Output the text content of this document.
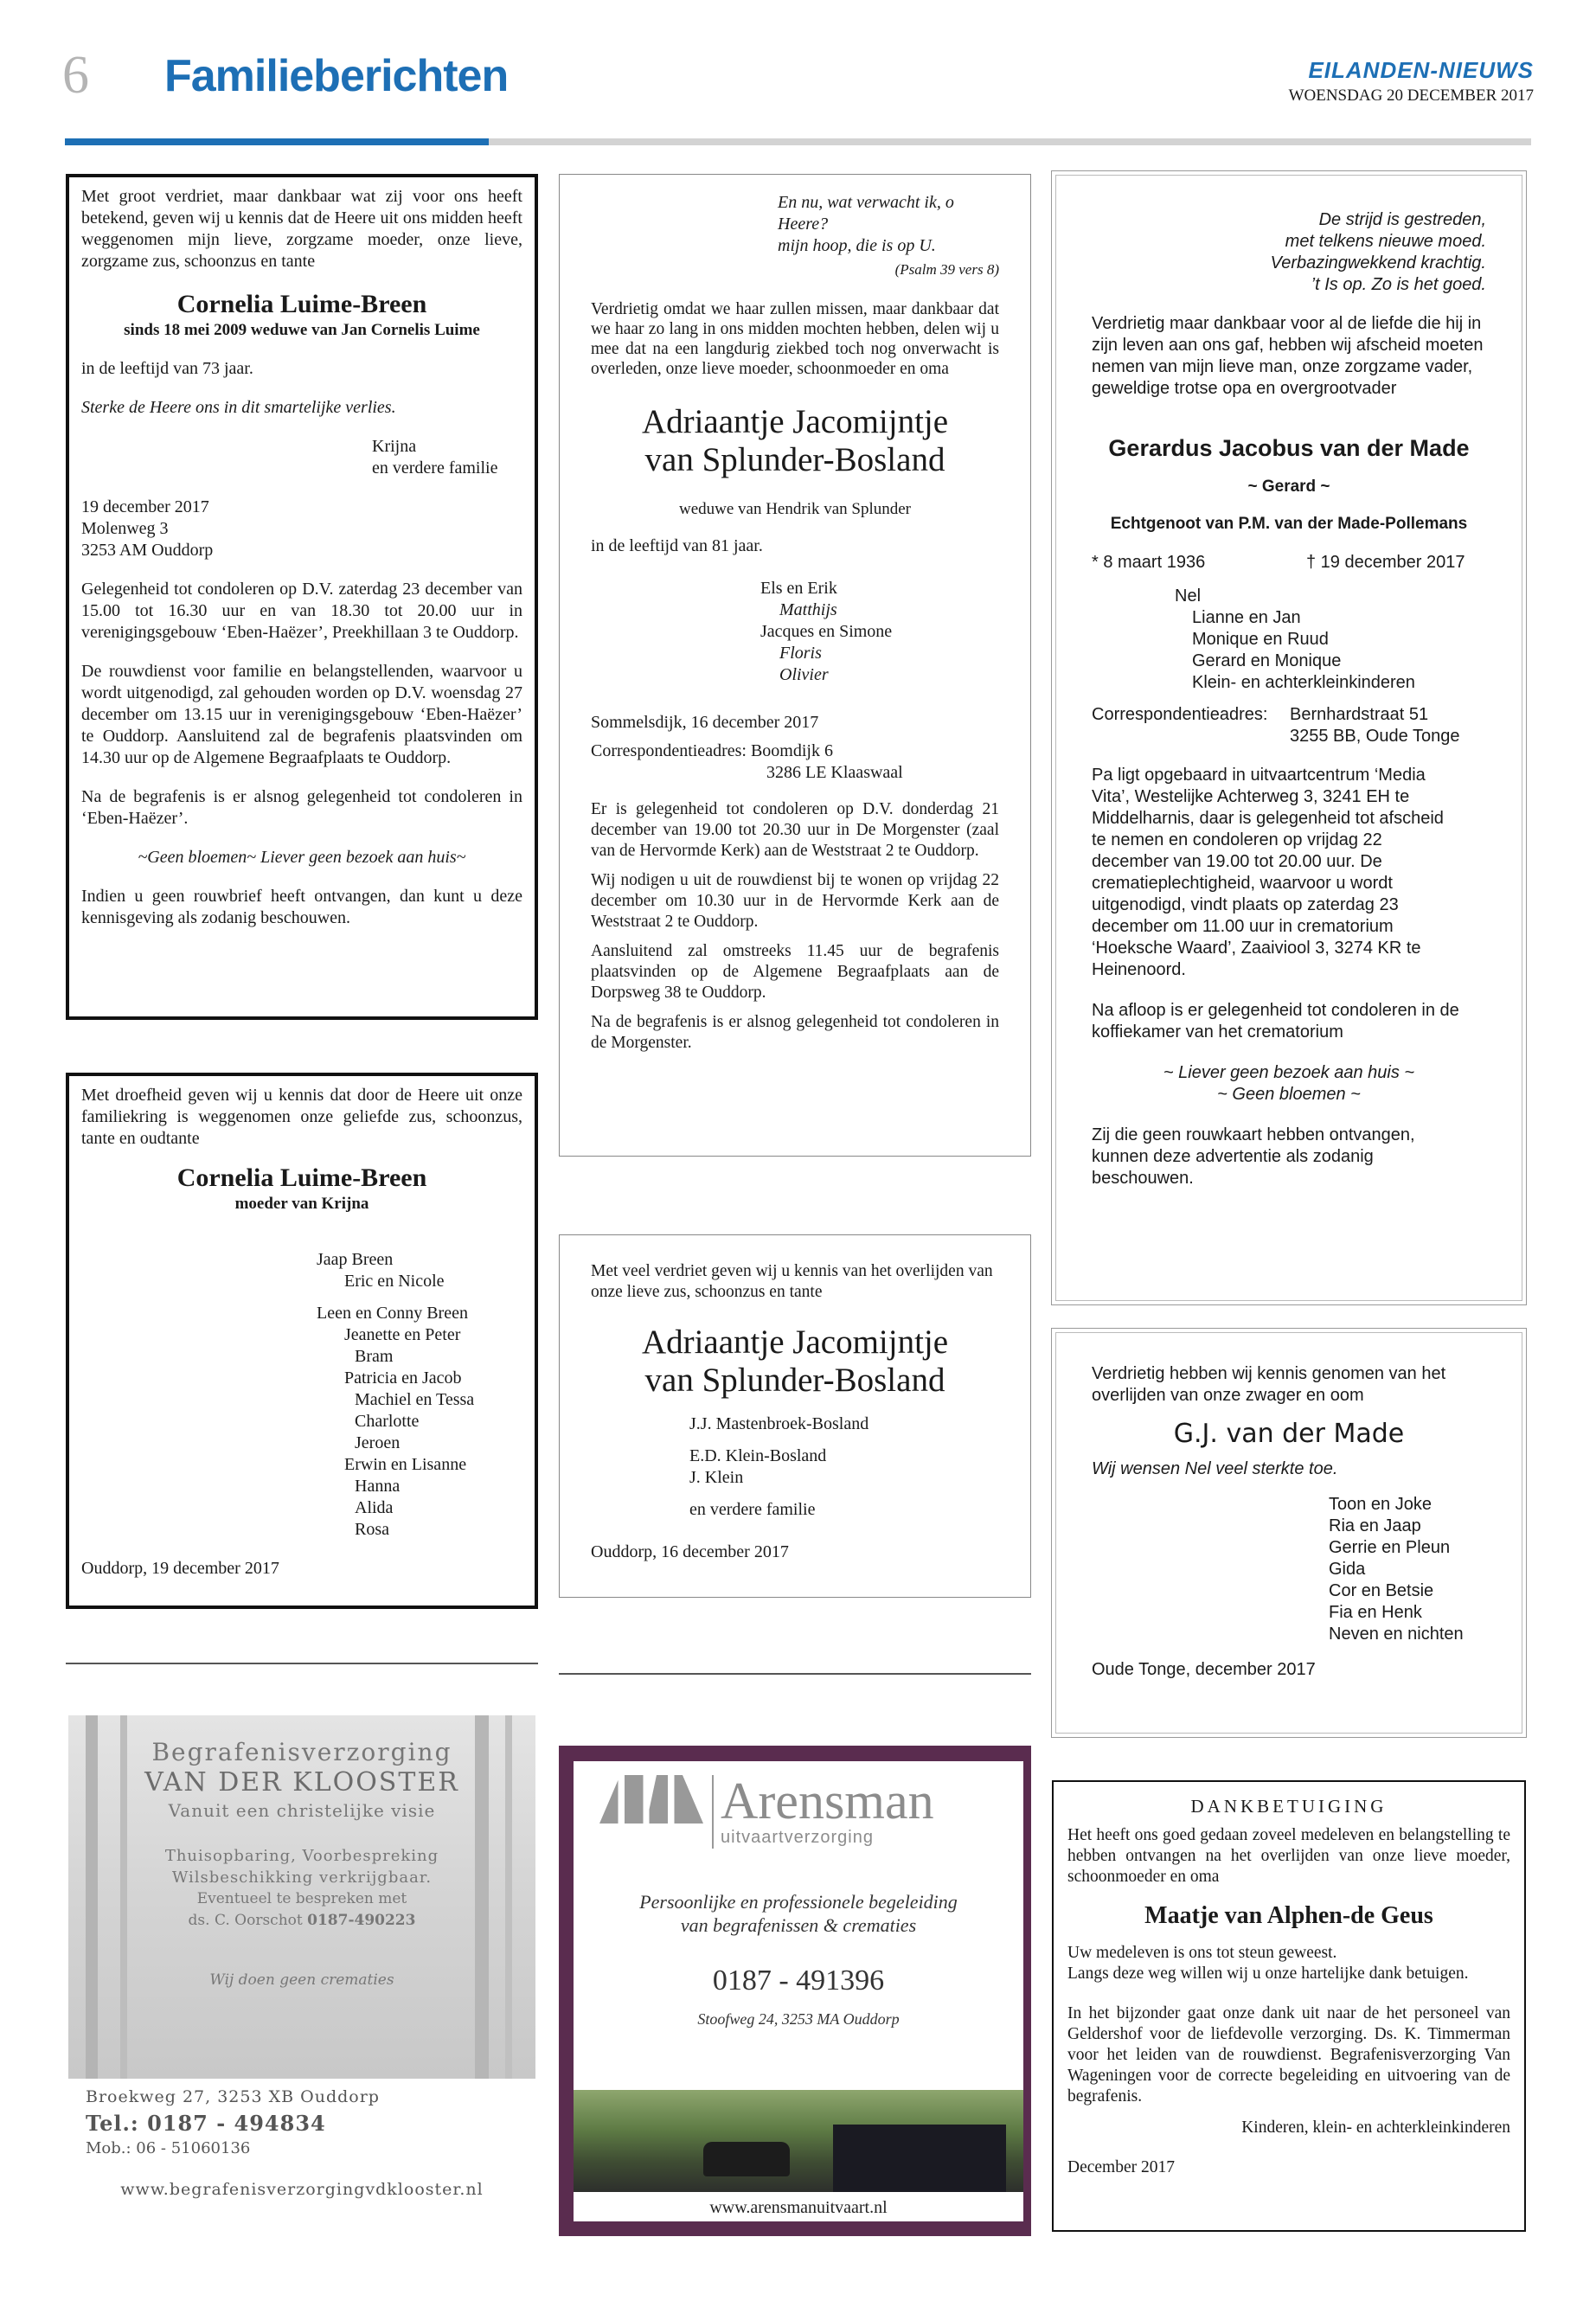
6 Familieberichten	EILANDEN-NIEUWS
WOENSDAG 20 DECEMBER 2017

Met groot verdriet, maar dankbaar wat zij voor ons heeft betekend, geven wij u kennis dat de Heere uit ons midden heeft weggenomen mijn lieve, zorgzame moeder, onze lieve, zorgzame zus, schoonzus en tante

Cornelia Luime-Breen

sinds 18 mei 2009 weduwe van Jan Cornelis Luime

in de leeftijd van 73 jaar.

Sterke de Heere ons in dit smartelijke verlies.

Krijna

en verdere familie

19 december 2017

Molenweg 3

3253 AM Ouddorp

Gelegenheid tot condoleren op D.V. zaterdag 23 december van 15.00 tot 16.30 uur en van 18.30 tot 20.00 uur in verenigingsgebouw ‘Eben-Haëzer’, Preekhillaan 3 te Ouddorp.

De rouwdienst voor familie en belangstellenden, waarvoor u wordt uitgenodigd, zal gehouden worden op D.V. woensdag 27 december om 13.15 uur in verenigingsgebouw ‘Eben-Haëzer’ te Ouddorp. Aansluitend zal de begrafenis plaatsvinden om 14.30 uur op de Algemene Begraafplaats te Ouddorp.

Na de begrafenis is er alsnog gelegenheid tot condoleren in ‘Eben-Haëzer’.

~Geen bloemen~ Liever geen bezoek aan huis~

Indien u geen rouwbrief heeft ontvangen, dan kunt u deze kennisgeving als zodanig beschouwen.

Met droefheid geven wij u kennis dat door de Heere uit onze familiekring is weggenomen onze geliefde zus, schoonzus, tante en oudtante

Cornelia Luime-Breen

moeder van Krijna

Jaap Breen

Eric en Nicole

Leen en Conny Breen

Jeanette en Peter

Bram

Patricia en Jacob

Machiel en Tessa

Charlotte

Jeroen

Erwin en Lisanne

Hanna

Alida

Rosa

Ouddorp, 19 december 2017

En nu, wat verwacht ik, o Heere?

mijn hoop, die is op U.

(Psalm 39 vers 8)

Verdrietig omdat we haar zullen missen, maar dankbaar dat we haar zo lang in ons midden mochten hebben, delen wij u mee dat na een langdurig ziekbed toch nog onverwacht is overleden, onze lieve moeder, schoonmoeder en oma

Adriaantje Jacomijntje

van Splunder-Bosland

weduwe van Hendrik van Splunder

in de leeftijd van 81 jaar.

Els en Erik

Matthijs

Jacques en Simone

Floris

Olivier

Sommelsdijk, 16 december 2017

Correspondentieadres: Boomdijk 6

3286 LE Klaaswaal

Er is gelegenheid tot condoleren op D.V. donderdag 21 december van 19.00 tot 20.30 uur in De Morgenster (zaal van de Hervormde Kerk) aan de Weststraat 2 te Ouddorp.

Wij nodigen u uit de rouwdienst bij te wonen op vrijdag 22 december om 10.30 uur in de Hervormde Kerk aan de Weststraat 2 te Ouddorp.

Aansluitend zal omstreeks 11.45 uur de begrafenis plaatsvinden op de Algemene Begraafplaats aan de Dorpsweg 38 te Ouddorp.

Na de begrafenis is er alsnog gelegenheid tot condoleren in de Morgenster.

Met veel verdriet geven wij u kennis van het overlijden van onze lieve zus, schoonzus en tante

Adriaantje Jacomijntje

van Splunder-Bosland

J.J. Mastenbroek-Bosland

E.D. Klein-Bosland

J. Klein

en verdere familie

Ouddorp, 16 december 2017

De strijd is gestreden,

met telkens nieuwe moed.

Verbazingwekkend krachtig.

’t Is op. Zo is het goed.

Verdrietig maar dankbaar voor al de liefde die hij in zijn leven aan ons gaf, hebben wij afscheid moeten nemen van mijn lieve man, onze zorgzame vader, geweldige trotse opa en overgrootvader

Gerardus Jacobus van der Made

~ Gerard ~

Echtgenoot van P.M. van der Made-Pollemans

* 8 maart 1936	† 19 december 2017

Nel

Lianne en Jan

Monique en Ruud

Gerard en Monique

Klein- en achterkleinkinderen

Correspondentieadres:	Bernhardstraat 51

3255 BB, Oude Tonge

Pa ligt opgebaard in uitvaartcentrum ‘Media Vita’, Westelijke Achterweg 3, 3241 EH te Middelharnis, daar is gelegenheid tot afscheid te nemen en condoleren op vrijdag 22 december van 19.00 tot 20.00 uur. De crematieplechtigheid, waarvoor u wordt uitgenodigd, vindt plaats op zaterdag 23 december om 11.00 uur in crematorium ‘Hoeksche Waard’, Zaaiviool 3, 3274 KR te Heinenoord.

Na afloop is er gelegenheid tot condoleren in de koffiekamer van het crematorium

~ Liever geen bezoek aan huis ~

~ Geen bloemen ~

Zij die geen rouwkaart hebben ontvangen, kunnen deze advertentie als zodanig beschouwen.

Verdrietig hebben wij kennis genomen van het overlijden van onze zwager en oom

G.J. van der Made

Wij wensen Nel veel sterkte toe.

Toon en Joke

Ria en Jaap

Gerrie en Pleun

Gida

Cor en Betsie

Fia en Henk

Neven en nichten

Oude Tonge, december 2017

Begrafenisverzorging

VAN DER KLOOSTER

Vanuit een christelijke visie

Thuisopbaring, Voorbespreking

Wilsbeschikking verkrijgbaar.

Eventueel te bespreken met

ds. C. Oorschot 0187-490223

Wij doen geen crematies

Broekweg 27, 3253 XB Ouddorp

Tel.: 0187 - 494834

Mob.: 06 - 51060136

www.begrafenisverzorgingvdklooster.nl

Arensman

uitvaartverzorging

Persoonlijke en professionele begeleiding

van begrafenissen & crematies

0187 - 491396

Stoofweg 24, 3253 MA Ouddorp

www.arensmanuitvaart.nl

DANKBETUIGING

Het heeft ons goed gedaan zoveel medeleven en belangstelling te hebben ontvangen na het overlijden van onze lieve moeder, schoonmoeder en oma

Maatje van Alphen-de Geus

Uw medeleven is ons tot steun geweest.

Langs deze weg willen wij u onze hartelijke dank betuigen.

In het bijzonder gaat onze dank uit naar de het personeel van Geldershof voor de liefdevolle verzorging. Ds. K. Timmerman voor het leiden van de rouwdienst. Begrafenisverzorging Van Wageningen voor de correcte begeleiding en uitvoering van de begrafenis.

Kinderen, klein- en achterkleinkinderen

December 2017
